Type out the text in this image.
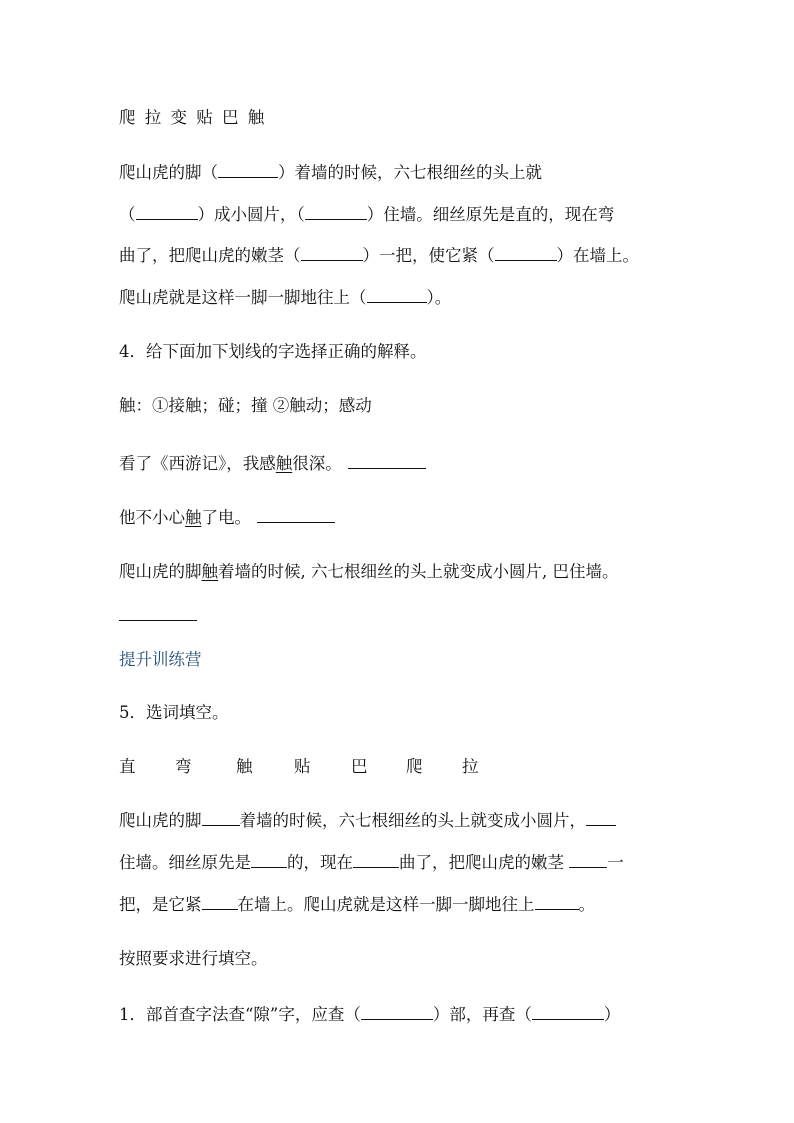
爬 拉 变 贴 巴 触
爬山虎的脚（	）着墙的时候，六七根细丝的头上就
（	）成小圆片，（	）住墙。细丝原先是直的，现在弯
曲了，把爬山虎的嫩茎（	）一把，使它紧（	）在墙上。
爬山虎就是这样一脚一脚地往上（	）。
4．给下面加下划线的字选择正确的解释。
触：①接触；碰；撞 ②触动；感动
看了《西游记》，我感触很深。
他不小心触了电。
爬山虎的脚触着墙的时候, 六七根细丝的头上就变成小圆片, 巴住墙。
提升训练营
5．选词填空。
直 弯	触	贴 巴 爬 拉
爬山虎的脚 着墙的时候，六七根细丝的头上就变成小圆片，
住墙。细丝原先是 的，现在	曲了，把爬山虎的嫩茎 一
把，是它紧 在墙上。爬山虎就是这样一脚一脚地往上	。
按照要求进行填空。
1．部首查字法查“隙”字，应查（	）部，再查（	）
